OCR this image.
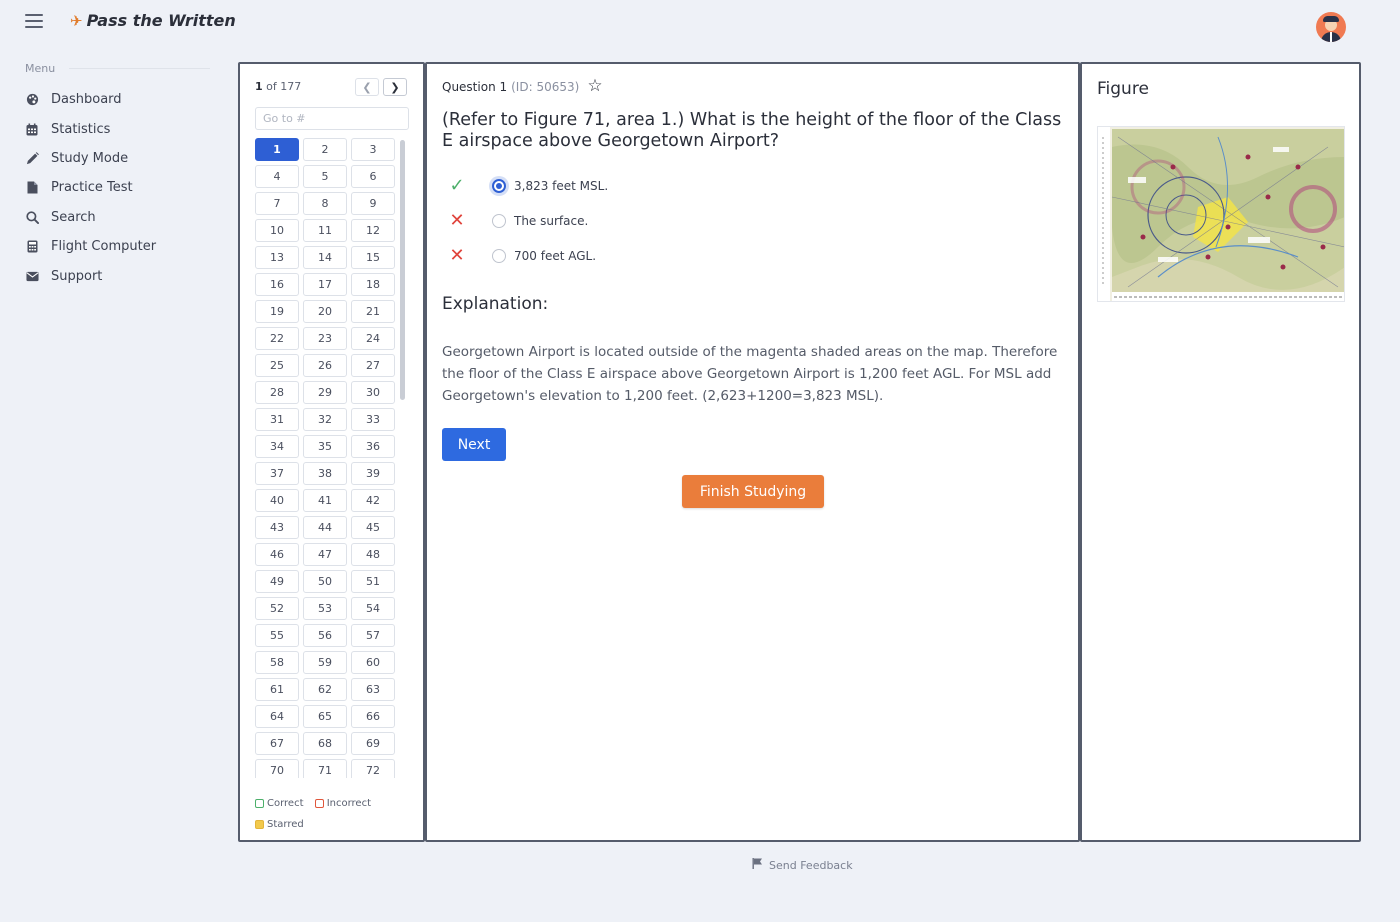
✈ Pass the Written
Menu
Dashboard
Statistics
Study Mode
Practice Test
Search
Flight Computer
Support
1 of 177	❮ ❯
Go to #
1	2	3
4	5	6
7	8	9
10	11	12
13	14	15
16	17	18
19	20	21
22	23	24
25	26	27
28	29	30
31	32	33
34	35	36
37	38	39
40	41	42
43	44	45
46	47	48
49	50	51
52	53	54
55	56	57
58	59	60
61	62	63
64	65	66
67	68	69
70	71	72
Correct
Incorrect

Starred
Question 1 (ID: 50653) ☆
(Refer to Figure 71, area 1.) What is the height of the floor of the Class E airspace above Georgetown Airport?
✓	3,823 feet MSL.
✕	The surface.
✕	700 feet AGL.
Explanation:
Georgetown Airport is located outside of the magenta shaded areas on the map. Therefore the floor of the Class E airspace above Georgetown Airport is 1,200 feet AGL. For MSL add Georgetown's elevation to 1,200 feet. (2,623+1200=3,823 MSL).
Next
Finish Studying
Figure
Send Feedback
